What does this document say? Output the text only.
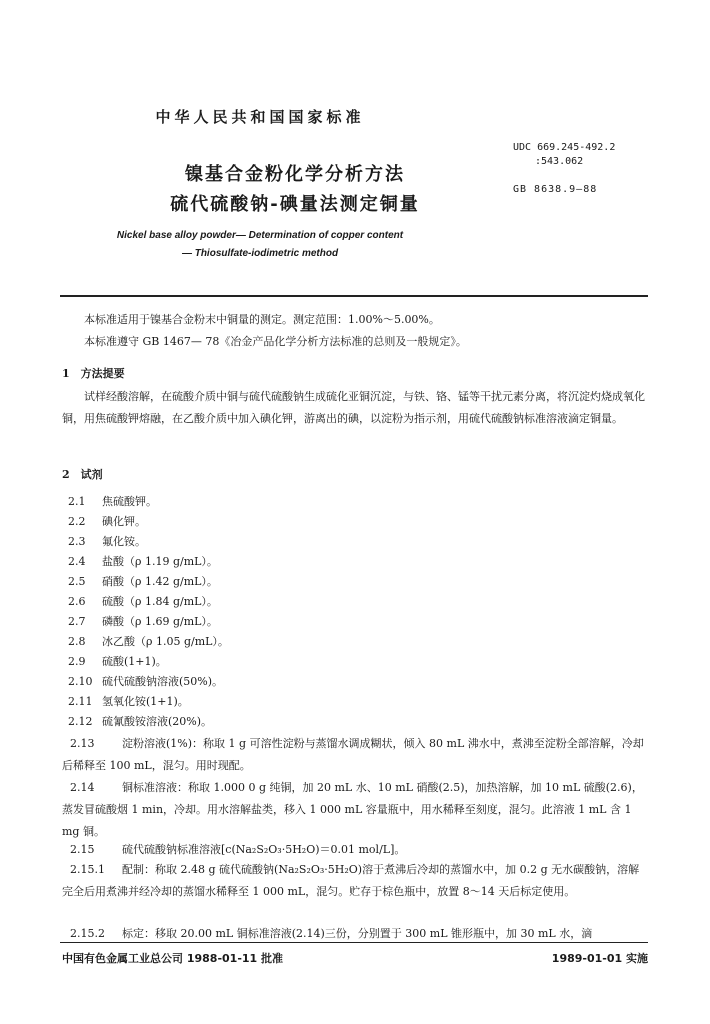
中华人民共和国国家标准
镍基合金粉化学分析方法
硫代硫酸钠-碘量法测定铜量
UDC 669.245-492.2
:543.062
GB 8638.9—88
Nickel base alloy powder— Determination of copper content
— Thiosulfate-iodimetric method
本标准适用于镍基合金粉末中铜量的测定。测定范围：1.00%～5.00%。
本标准遵守 GB 1467— 78《冶金产品化学分析方法标准的总则及一般规定》。
1　方法提要
试样经酸溶解，在硫酸介质中铜与硫代硫酸钠生成硫化亚铜沉淀，与铁、铬、锰等干扰元素分离，将沉淀灼烧成氧化铜，用焦硫酸钾熔融，在乙酸介质中加入碘化钾，游离出的碘，以淀粉为指示剂，用硫代硫酸钠标准溶液滴定铜量。
2　试剂
2.1 焦硫酸钾。
2.2 碘化钾。
2.3 氟化铵。
2.4 盐酸（ρ 1.19 g/mL）。
2.5 硝酸（ρ 1.42 g/mL）。
2.6 硫酸（ρ 1.84 g/mL）。
2.7 磷酸（ρ 1.69 g/mL）。
2.8 冰乙酸（ρ 1.05 g/mL）。
2.9 硫酸(1+1)。
2.10 硫代硫酸钠溶液(50%)。
2.11 氢氧化铵(1+1)。
2.12 硫氰酸铵溶液(20%)。
2.13	淀粉溶液(1%)：称取 1 g 可溶性淀粉与蒸馏水调成糊状，倾入 80 mL 沸水中，煮沸至淀粉全部溶解，冷却后稀释至 100 mL，混匀。用时现配。
2.14	铜标准溶液：称取 1.000 0 g 纯铜，加 20 mL 水、10 mL 硝酸(2.5)，加热溶解，加 10 mL 硫酸(2.6)，蒸发冒硫酸烟 1 min，冷却。用水溶解盐类，移入 1 000 mL 容量瓶中，用水稀释至刻度，混匀。此溶液 1 mL 含 1 mg 铜。
2.15	硫代硫酸钠标准溶液[c(Na₂S₂O₃·5H₂O)＝0.01 mol/L]。
2.15.1 配制：称取 2.48 g 硫代硫酸钠(Na₂S₂O₃·5H₂O)溶于煮沸后冷却的蒸馏水中，加 0.2 g 无水碳酸钠，溶解完全后用煮沸并经冷却的蒸馏水稀释至 1 000 mL，混匀。贮存于棕色瓶中，放置 8～14 天后标定使用。
2.15.2 标定：移取 20.00 mL 铜标准溶液(2.14)三份，分别置于 300 mL 锥形瓶中，加 30 mL 水，滴
中国有色金属工业总公司 1988-01-11 批准	1989-01-01 实施
